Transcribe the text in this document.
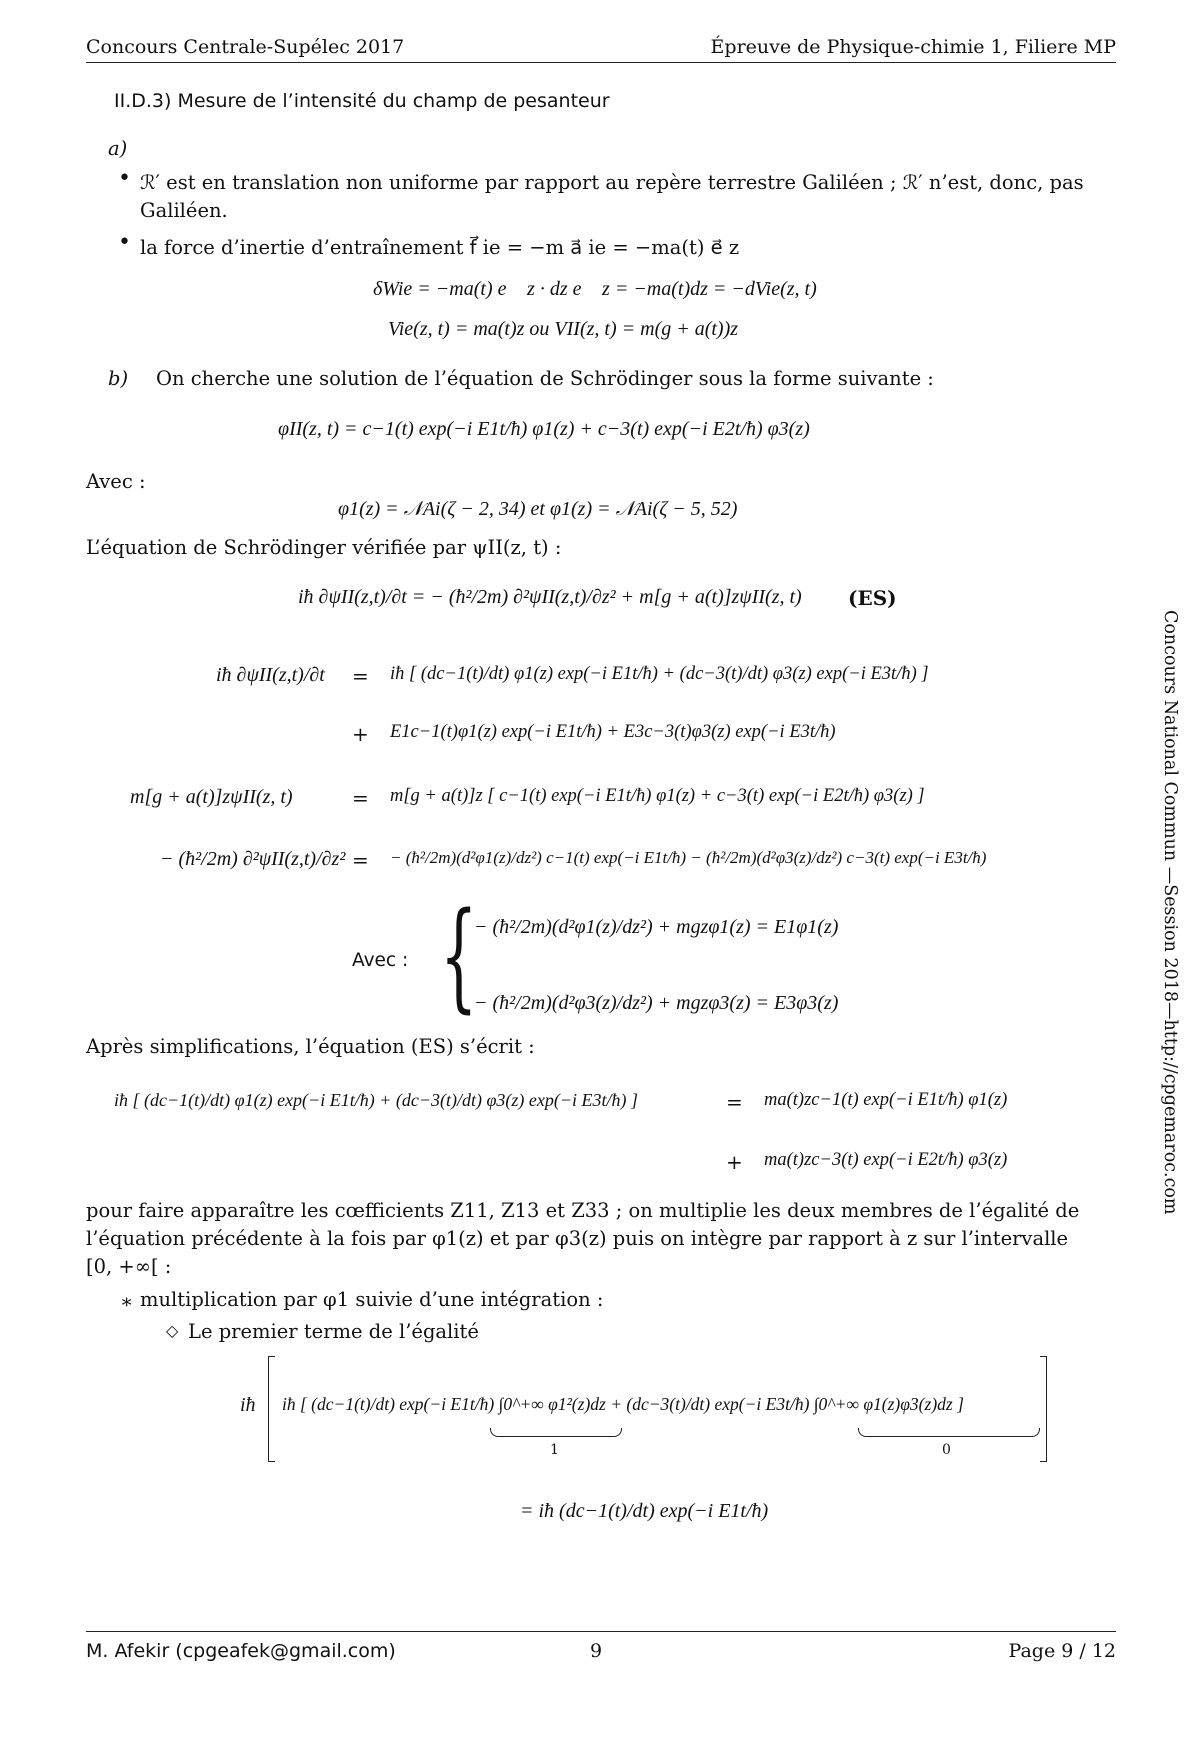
Concours Centrale-Supélec 2017	Épreuve de Physique-chimie 1, Filiere MP
II.D.3) Mesure de l’intensité du champ de pesanteur
a)
• ℛ′ est en translation non uniforme par rapport au repère terrestre Galiléen ; ℛ′ n’est, donc, pas
Galiléen.
• la force d’inertie d’entraînement f⃗ ie = −m a⃗ ie = −ma(t) e⃗ z
δWie = −ma(t) e⃗ z · dz e⃗ z = −ma(t)dz = −dVie(z, t)
Vie(z, t) = ma(t)z ou VII(z, t) = m(g + a(t))z
b) On cherche une solution de l’équation de Schrödinger sous la forme suivante :
φII(z, t) = c−1(t) exp(−i E1t/ħ) φ1(z) + c−3(t) exp(−i E2t/ħ) φ3(z)
Avec :
φ1(z) = 𝒩Ai(ζ − 2, 34) et φ1(z) = 𝒩Ai(ζ − 5, 52)
L’équation de Schrödinger vérifiée par ψII(z, t) :
iħ ∂ψII(z,t)/∂t = − (ħ²/2m) ∂²ψII(z,t)/∂z² + m[g + a(t)]zψII(z, t) (ES)
iħ ∂ψII(z,t)/∂t = iħ [ (dc−1(t)/dt) φ1(z) exp(−i E1t/ħ) + (dc−3(t)/dt) φ3(z) exp(−i E3t/ħ) ]
+ E1c−1(t)φ1(z) exp(−i E1t/ħ) + E3c−3(t)φ3(z) exp(−i E3t/ħ)
m[g + a(t)]zψII(z, t)	= m[g + a(t)]z [ c−1(t) exp(−i E1t/ħ) φ1(z) + c−3(t) exp(−i E2t/ħ) φ3(z) ]
− (ħ²/2m) ∂²ψII(z,t)/∂z² = − (ħ²/2m)(d²φ1(z)/dz²) c−1(t) exp(−i E1t/ħ) − (ħ²/2m)(d²φ3(z)/dz²) c−3(t) exp(−i E3t/ħ)
Avec : {
− (ħ²/2m)(d²φ1(z)/dz²) + mgzφ1(z) = E1φ1(z)
− (ħ²/2m)(d²φ3(z)/dz²) + mgzφ3(z) = E3φ3(z)
Après simplifications, l’équation (ES) s’écrit :
iħ [ (dc−1(t)/dt) φ1(z) exp(−i E1t/ħ) + (dc−3(t)/dt) φ3(z) exp(−i E3t/ħ) ]	= ma(t)zc−1(t) exp(−i E1t/ħ) φ1(z)
+ ma(t)zc−3(t) exp(−i E2t/ħ) φ3(z)
pour faire apparaître les cœfficients Z11, Z13 et Z33 ; on multiplie les deux membres de l’égalité de
l’équation précédente à la fois par φ1(z) et par φ3(z) puis on intègre par rapport à z sur l’intervalle
[0, +∞[ :
∗ multiplication par φ1 suivie d’une intégration :
◇ Le premier terme de l’égalité
iħ iħ [ (dc−1(t)/dt) exp(−i E1t/ħ) ∫0^+∞ φ1²(z)dz + (dc−3(t)/dt) exp(−i E3t/ħ) ∫0^+∞ φ1(z)φ3(z)dz ]
1	0
= iħ (dc−1(t)/dt) exp(−i E1t/ħ)
Concours National Commun —Session 2018—http://cpgemaroc.com
M. Afekir (cpgeafek@gmail.com)	9	Page 9 / 12
